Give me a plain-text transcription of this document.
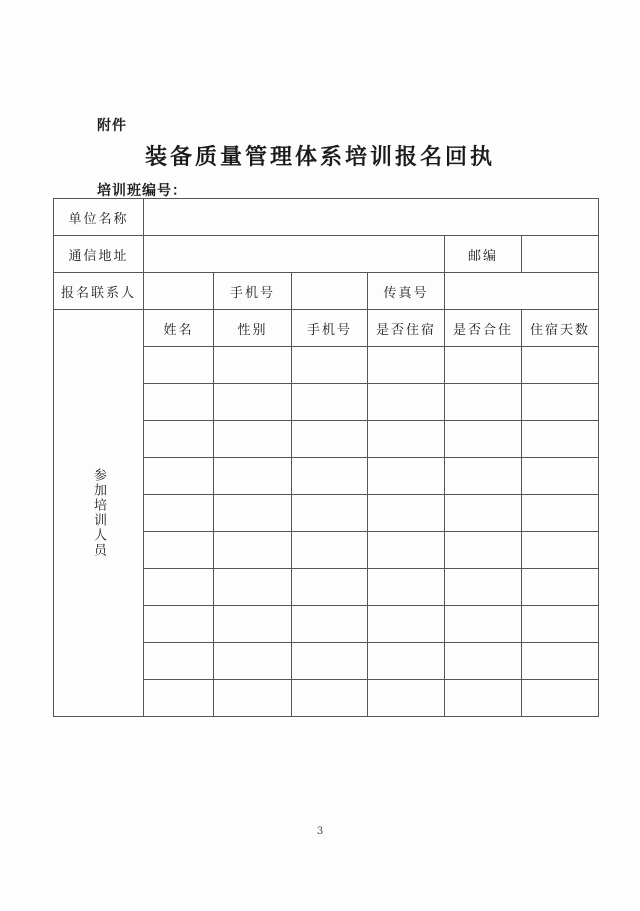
附件
装备质量管理体系培训报名回执
培训班编号：
单位名称						
通信地址					邮编	
报名联系人		手机号		传真号		
参加培训人员	姓名	性别	手机号	是否住宿	是否合住	住宿天数

3
